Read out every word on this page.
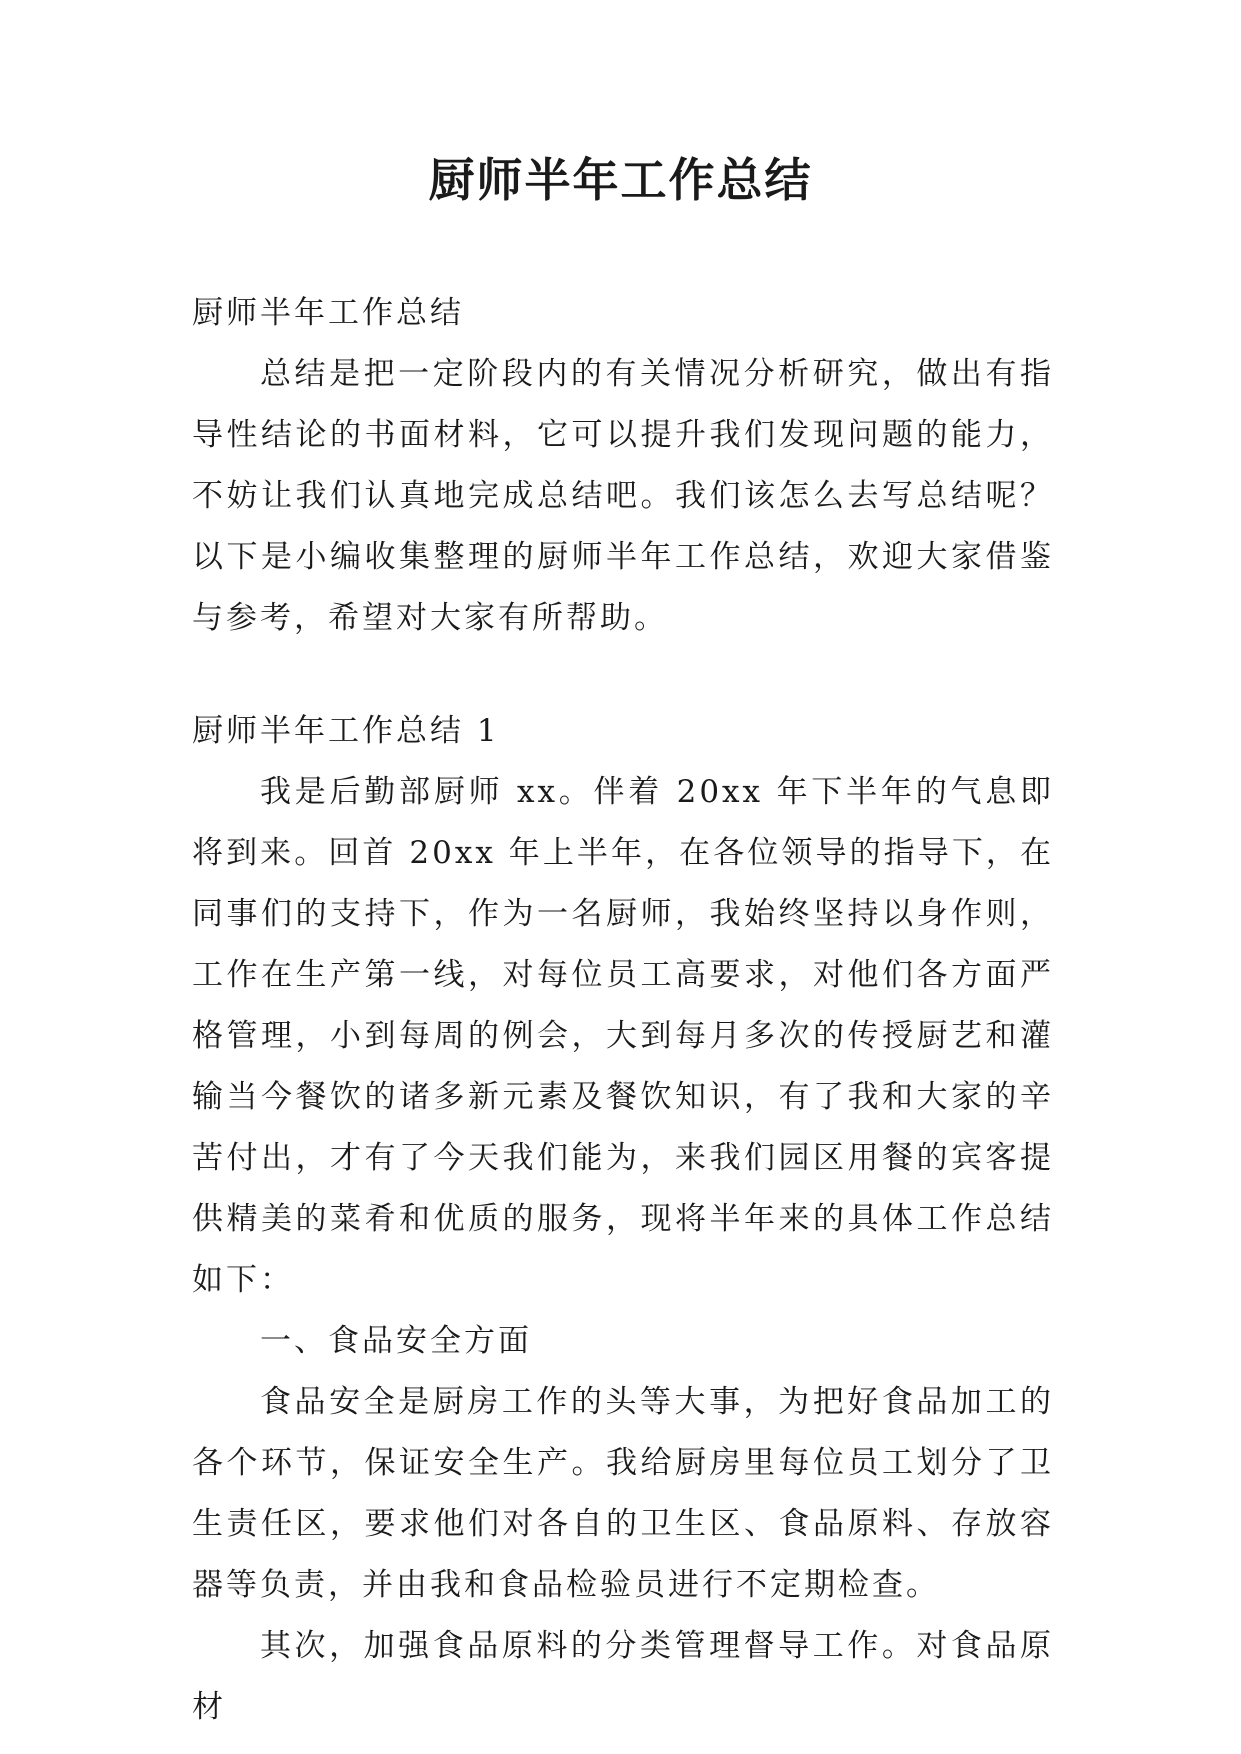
厨师半年工作总结

厨师半年工作总结

总结是把一定阶段内的有关情况分析研究，做出有指导性结论的书面材料，它可以提升我们发现问题的能力，不妨让我们认真地完成总结吧。我们该怎么去写总结呢？以下是小编收集整理的厨师半年工作总结，欢迎大家借鉴与参考，希望对大家有所帮助。

厨师半年工作总结 1

我是后勤部厨师 xx。伴着 20xx 年下半年的气息即将到来。回首 20xx 年上半年，在各位领导的指导下，在同事们的支持下，作为一名厨师，我始终坚持以身作则，工作在生产第一线，对每位员工高要求，对他们各方面严格管理，小到每周的例会，大到每月多次的传授厨艺和灌输当今餐饮的诸多新元素及餐饮知识，有了我和大家的辛苦付出，才有了今天我们能为，来我们园区用餐的宾客提供精美的菜肴和优质的服务，现将半年来的具体工作总结如下：

一、食品安全方面

食品安全是厨房工作的头等大事，为把好食品加工的各个环节，保证安全生产。我给厨房里每位员工划分了卫生责任区，要求他们对各自的卫生区、食品原料、存放容器等负责，并由我和食品检验员进行不定期检查。

其次，加强食品原料的分类管理督导工作。对食品原材
